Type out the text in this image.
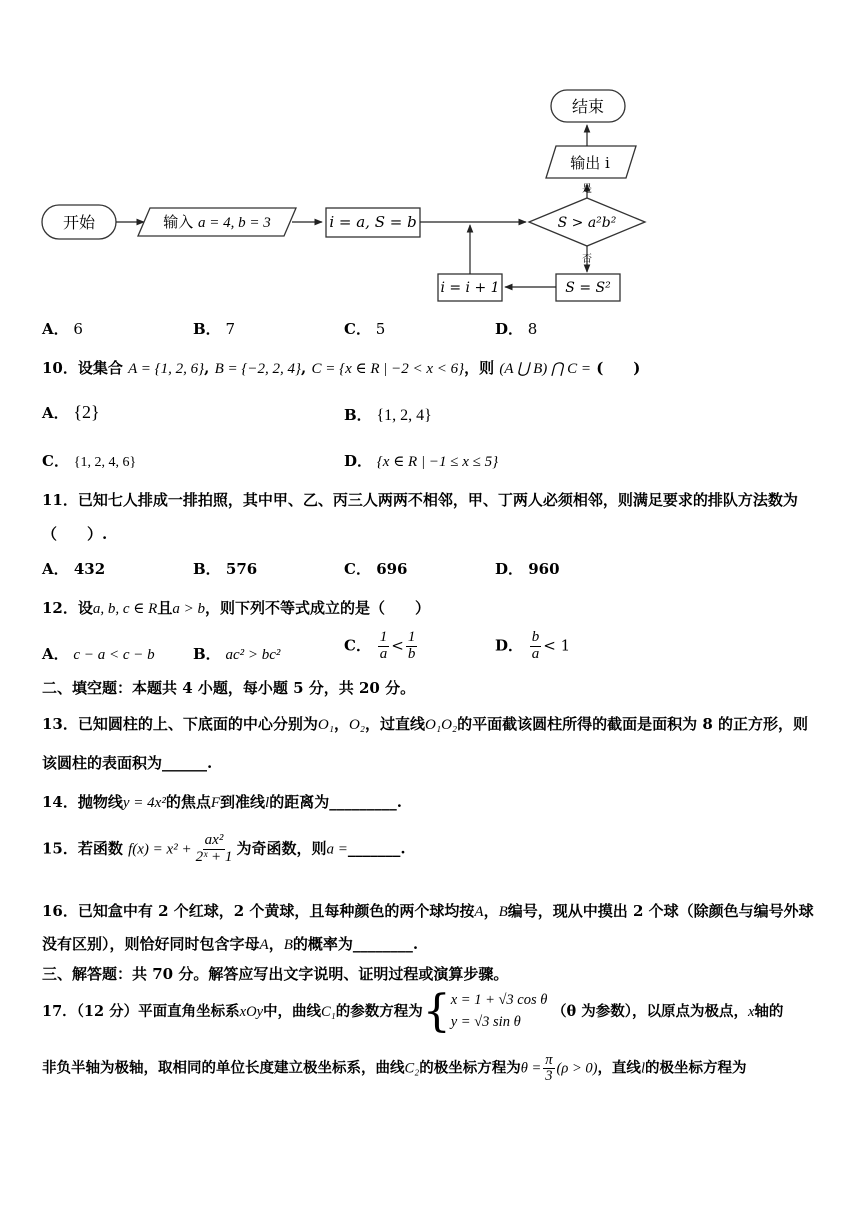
开始	输入 a = 4, b = 3	i = a, S = b	S > a²b²
是
输出 i
结束
否
S = S²
i = i + 1
A． 6	B． 7	C． 5	D． 8
10．设集合 A = {1, 2, 6}, B = {−2, 2, 4}, C = {x ∈ R | −2 < x < 6}，则 (A ⋃ B) ⋂ C = (　　)
A． {2}	B． {1, 2, 4}
C． {1, 2, 4, 6}	D． {x ∈ R | −1 ≤ x ≤ 5}
11．已知七人排成一排拍照，其中甲、乙、丙三人两两不相邻，甲、丁两人必须相邻，则满足要求的排队方法数为
（　　）.
A． 432	B． 576	C． 696	D． 960
12．设a, b, c ∈ R且a > b，则下列不等式成立的是（　　）
A． c − a < c − b	B． ac² > bc²
C． $\frac{1}{a} < \frac{1}{b}$	D． $\frac{b}{a} < 1$
二、填空题：本题共 4 小题，每小题 5 分，共 20 分。
13．已知圆柱的上、下底面的中心分别为O₁，O₂，过直线O₁O₂的平面截该圆柱所得的截面是面积为 8 的正方形，则
该圆柱的表面积为______.
14．抛物线y = 4x²的焦点F到准线l的距离为_________.
15．若函数 $f(x) = x^2 + \frac{\text{ax²}}{\text{2ˣ + 1}}$ 为奇函数，则a =_______.
16．已知盒中有 2 个红球，2 个黄球，且每种颜色的两个球均按A，B编号，现从中摸出 2 个球（除颜色与编号外球
没有区别），则恰好同时包含字母A，B的概率为________.
三、解答题：共 70 分。解答应写出文字说明、证明过程或演算步骤。
17．（12 分）平面直角坐标系xOy中，曲线C₁的参数方程为{ x = 1 + √3 cos θ
y = √3 sin θ
（θ 为参数），以原点为极点，x轴的
非负半轴为极轴，取相同的单位长度建立极坐标系，曲线C₂的极坐标方程为$\theta = \frac{\pi}{3} (\rho > 0)$，直线l的极坐标方程为
